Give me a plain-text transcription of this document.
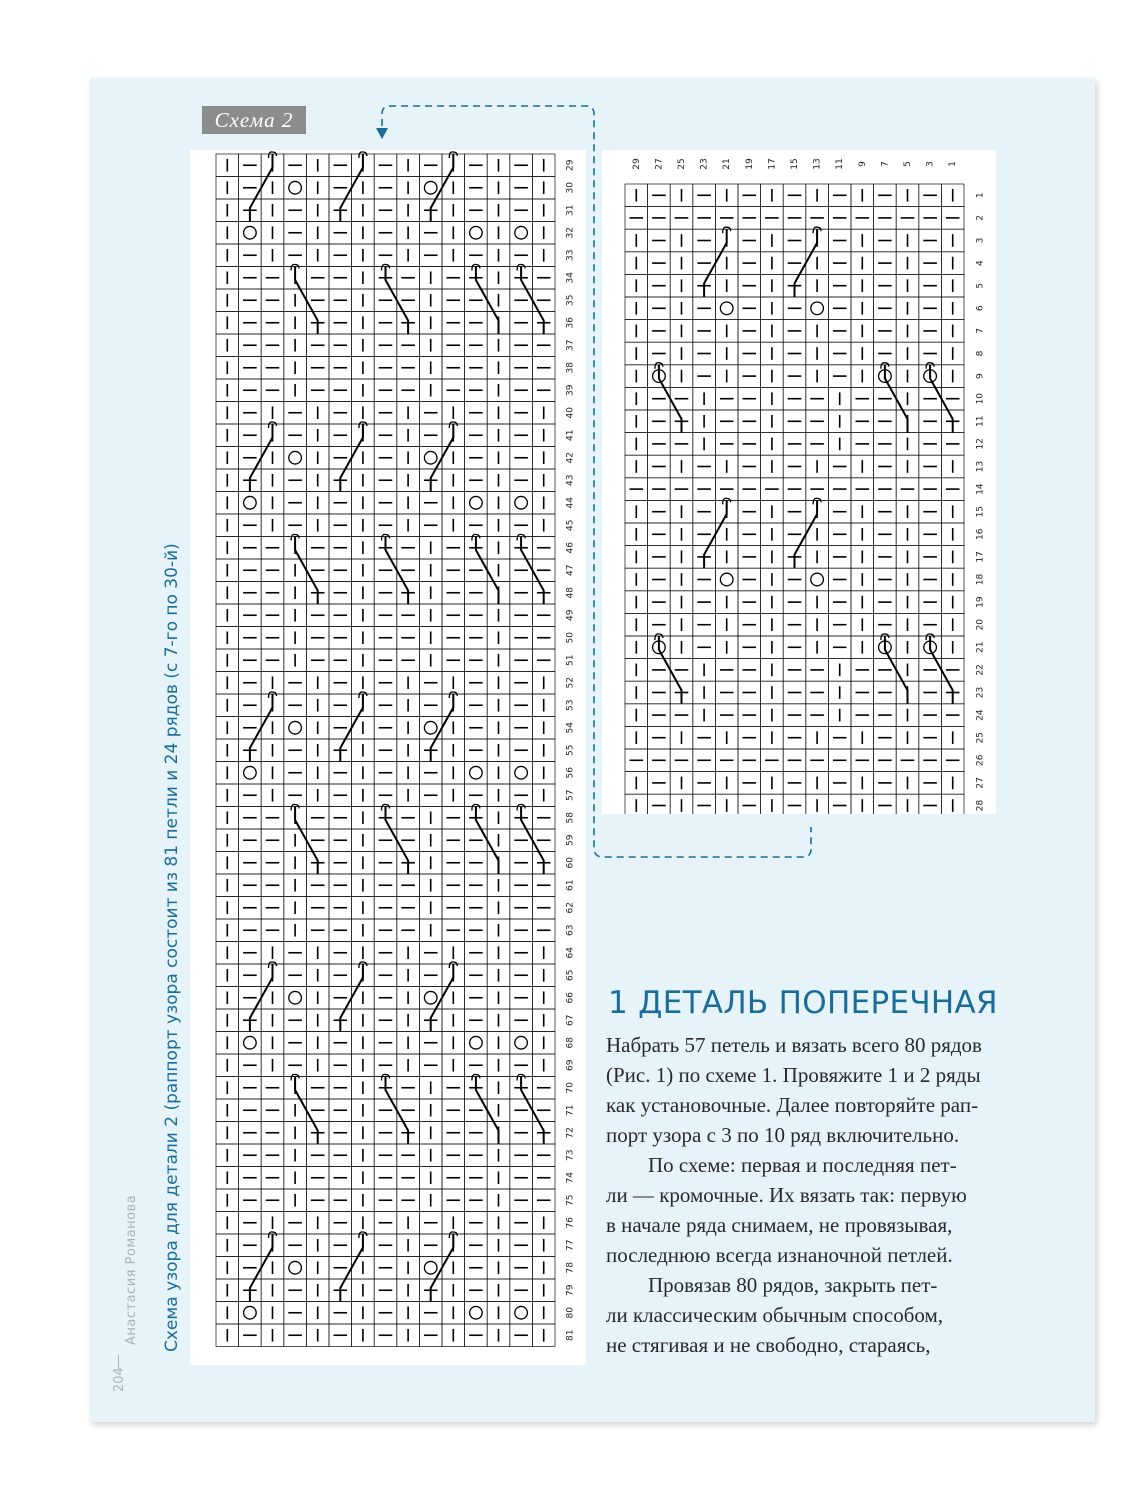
Схема 2
29
30
31
32
33
34
35
36
37
38
39
40
41
42
43
44
45
46
47
48
49
50
51
52
53
54
55
56
57
58
59
60
61
62
63
64
65
66
67
68
69
70
71
72
73
74
75
76
77
78
79
80
81
29 27 25 23 21 19 17 15 13 11 9 7 5 3 1
1
2
3
4
5
6
7
8
9
10
11
12
13
14
15
16
17
18
19
20
21
22
23
24
25
26
27
28
Схема узора для детали 2 (раппорт узора состоит из 81 петли и 24 рядов (с 7-го по 30-й)
Анастасия Романова
204
1 ДЕТАЛЬ ПОПЕРЕЧНАЯ

Набрать 57 петель и вязать всего 80 рядов

(Рис. 1) по схеме 1. Провяжите 1 и 2 ряды

как установочные. Далее повторяйте рап-

порт узора с 3 по 10 ряд включительно.

По схеме: первая и последняя пет-

ли — кромочные. Их вязать так: первую

в начале ряда снимаем, не провязывая,

последнюю всегда изнаночной петлей.

Провязав 80 рядов, закрыть пет-

ли классическим обычным способом,

не стягивая и не свободно, стараясь,
